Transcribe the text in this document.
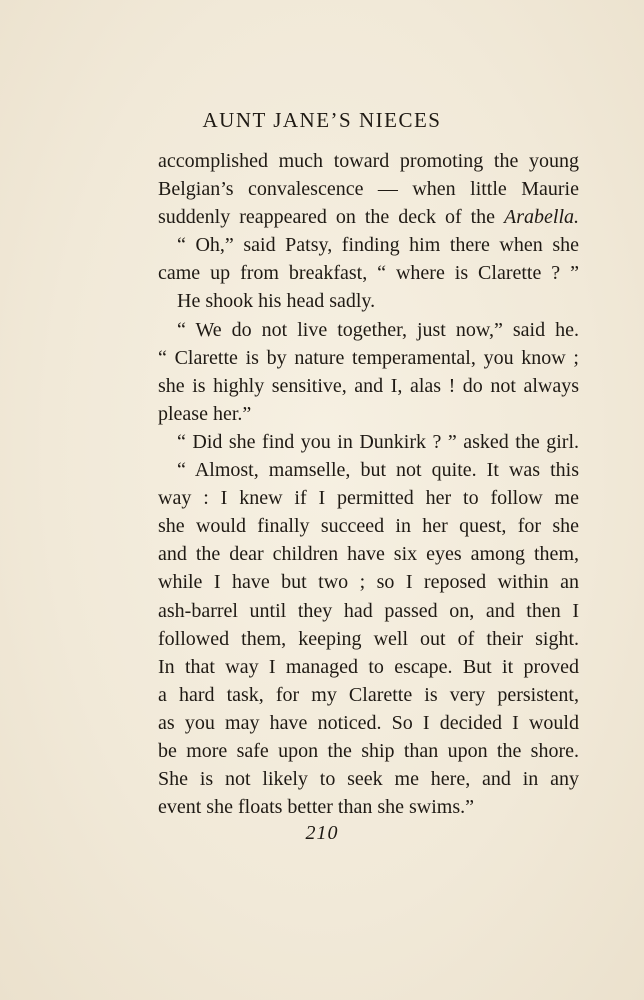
AUNT JANE’S NIECES
accomplished much toward promoting the young
Belgian’s convalescence — when little Maurie
suddenly reappeared on the deck of the Arabella.
“ Oh,” said Patsy, finding him there when she
came up from breakfast, “ where is Clarette ? ”
He shook his head sadly.
“ We do not live together, just now,” said he.
“ Clarette is by nature temperamental, you know ;
she is highly sensitive, and I, alas ! do not always
please her.”
“ Did she find you in Dunkirk ? ” asked the girl.
“ Almost, mamselle, but not quite. It was this
way : I knew if I permitted her to follow me
she would finally succeed in her quest, for she
and the dear children have six eyes among them,
while I have but two ; so I reposed within an
ash-barrel until they had passed on, and then I
followed them, keeping well out of their sight.
In that way I managed to escape. But it proved
a hard task, for my Clarette is very persistent,
as you may have noticed. So I decided I would
be more safe upon the ship than upon the shore.
She is not likely to seek me here, and in any
event she floats better than she swims.”
210
